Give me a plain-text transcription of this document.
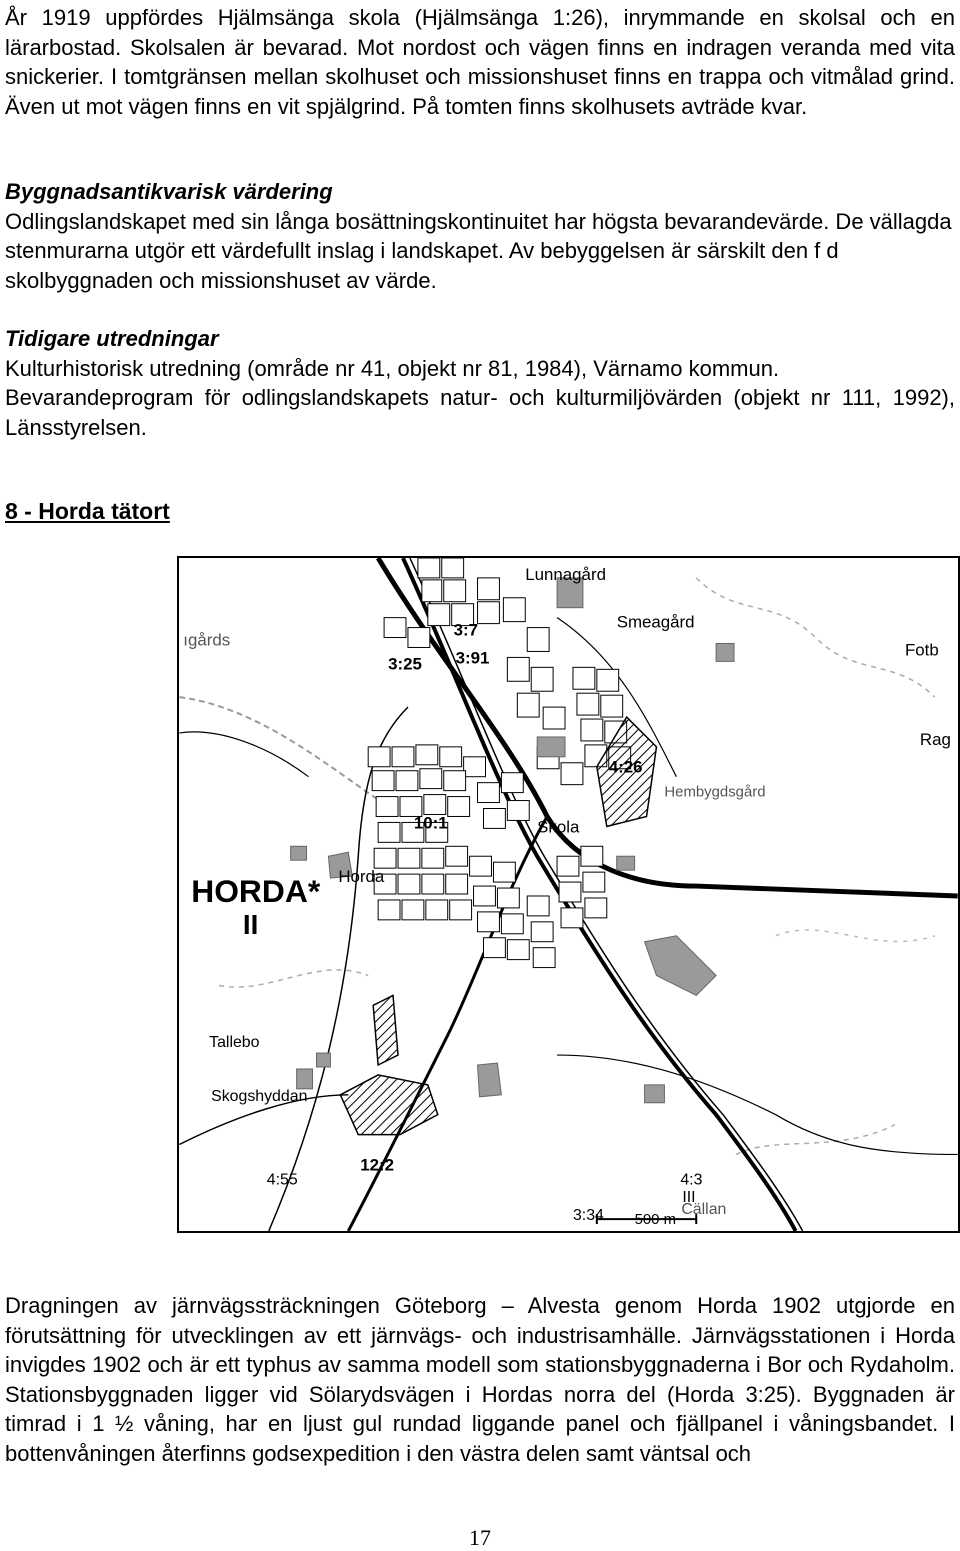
År 1919 uppfördes Hjälmsänga skola (Hjälmsänga 1:26), inrymmande en skolsal och en lärarbostad. Skolsalen är bevarad. Mot nordost och vägen finns en indragen veranda med vita snickerier. I tomtgränsen mellan skolhuset och missionshuset finns en trappa och vitmålad grind. Även ut mot vägen finns en vit spjälgrind. På tomten finns skolhusets avträde kvar.

Byggnadsantikvarisk värdering

Odlingslandskapet med sin långa bosättningskontinuitet har högsta bevarandevärde. De vällagda stenmurarna utgör ett värdefullt inslag i landskapet. Av bebyggelsen är särskilt den f d skolbyggnaden och missionshuset av värde.

Tidigare utredningar

Kulturhistorisk utredning (område nr 41, objekt nr 81, 1984), Värnamo kommun.

Bevarandeprogram för odlingslandskapets natur- och kulturmiljövärden (objekt nr 111, 1992), Länsstyrelsen.

8 - Horda tätort

Lunnagård
Smeagård
Fotb
Rag
Hembygdsgård
Skola
Horda
HORDA*
II
ıgårds
Tallebo
Skogshyddan
Cällan
500 m
3:7
3:25 3:91
4:26
10:1
12:2
4:55	4:3
III
3:34

Dragningen av järnvägssträckningen Göteborg – Alvesta genom Horda 1902 utgjorde en förutsättning för utvecklingen av ett järnvägs- och industrisamhälle. Järnvägsstationen i Horda invigdes 1902 och är ett typhus av samma modell som stationsbyggnaderna i Bor och Rydaholm. Stationsbyggnaden ligger vid Sölarydsvägen i Hordas norra del (Horda 3:25). Byggnaden är timrad i 1 ½ våning, har en ljust gul rundad liggande panel och fjällpanel i våningsbandet. I bottenvåningen återfinns godsexpedition i den västra delen samt väntsal och

17
